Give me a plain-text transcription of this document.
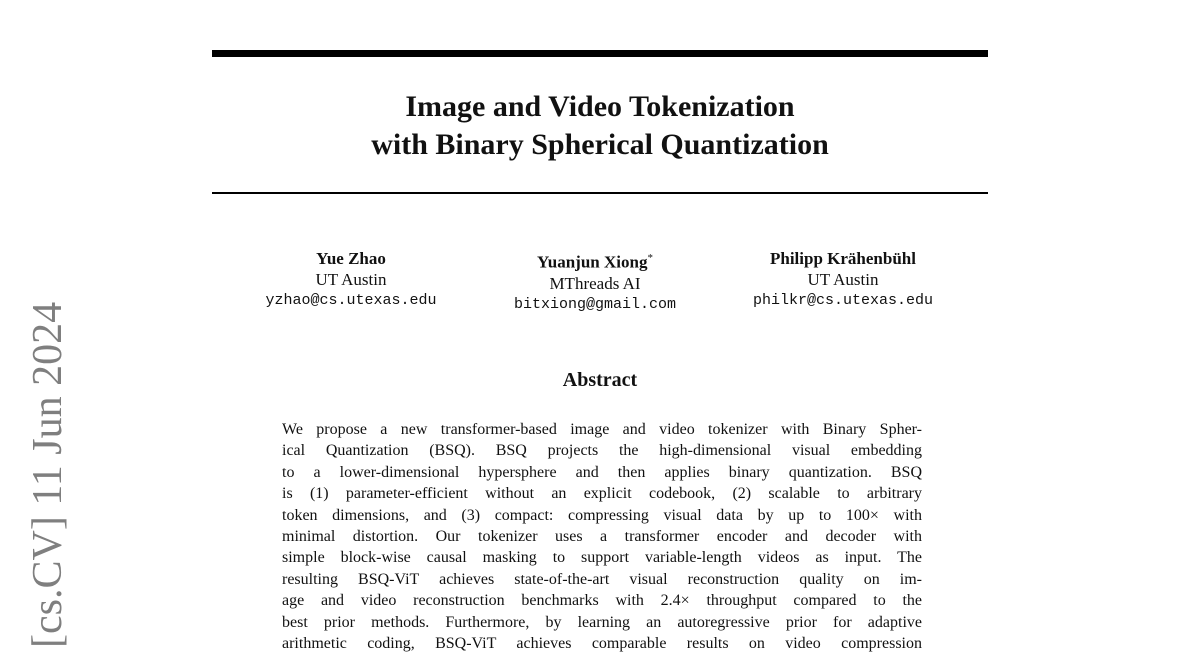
Image and Video Tokenization
with Binary Spherical Quantization
Yue Zhao
UT Austin
yzhao@cs.utexas.edu
Yuanjun Xiong*
MThreads AI
bitxiong@gmail.com
Philipp Krähenbühl
UT Austin
philkr@cs.utexas.edu
Abstract
We propose a new transformer-based image and video tokenizer with Binary Spher-
ical Quantization (BSQ). BSQ projects the high-dimensional visual embedding
to a lower-dimensional hypersphere and then applies binary quantization. BSQ
is (1) parameter-efficient without an explicit codebook, (2) scalable to arbitrary
token dimensions, and (3) compact: compressing visual data by up to 100× with
minimal distortion. Our tokenizer uses a transformer encoder and decoder with
simple block-wise causal masking to support variable-length videos as input. The
resulting BSQ-ViT achieves state-of-the-art visual reconstruction quality on im-
age and video reconstruction benchmarks with 2.4× throughput compared to the
best prior methods. Furthermore, by learning an autoregressive prior for adaptive
arithmetic coding, BSQ-ViT achieves comparable results on video compression
[cs.CV] 11 Jun 2024
